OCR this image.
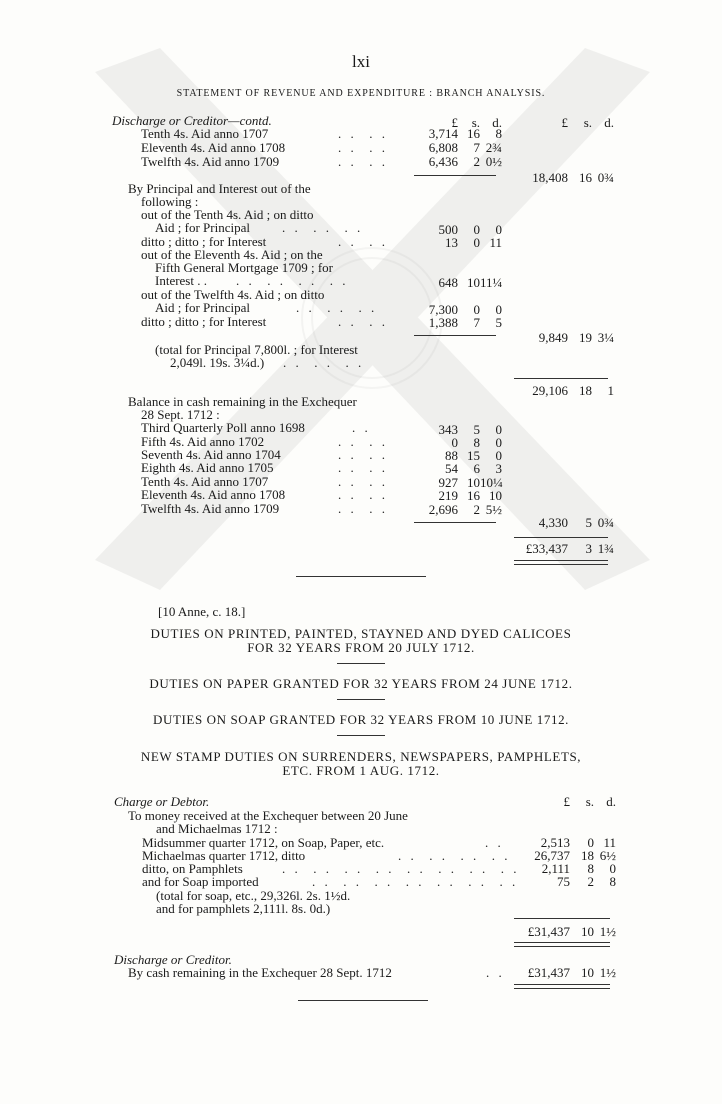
lxi
STATEMENT OF REVENUE AND EXPENDITURE : BRANCH ANALYSIS.
Discharge or Creditor—contd.	£ s. d.	£ s. d.
Tenth 4s. Aid anno 1707	. .  . .	3,714 16 8
Eleventh 4s. Aid anno 1708	. .  . .	6,808 7 2¾
Twelfth 4s. Aid anno 1709	. .  . .	6,436 2 0½
18,408 16 0¾
By Principal and Interest out of the
following :
out of the Tenth 4s. Aid ; on ditto
Aid ; for Principal . .  . .  . .	500 0 0
ditto ; ditto ; for Interest	. .  . .	13 0 11
out of the Eleventh 4s. Aid ; on the
Fifth General Mortgage 1709 ; for
Interest . . . .  . .  . .  . .	648 1011¼
out of the Twelfth 4s. Aid ; on ditto
Aid ; for Principal	. .  . .  . .	7,300 0 0
ditto ; ditto ; for Interest	. .  . .	1,388 7 5
9,849 19 3¼
(total for Principal 7,800l. ; for Interest
2,049l. 19s. 3¼d.) . .  . .  . .
29,106 18 1
Balance in cash remaining in the Exchequer
28 Sept. 1712 :
Third Quarterly Poll anno 1698	. .	343 5 0
Fifth 4s. Aid anno 1702	. .  . .	0 8 0
Seventh 4s. Aid anno 1704	. .  . .	88 15 0
Eighth 4s. Aid anno 1705	. .  . .	54 6 3
Tenth 4s. Aid anno 1707	. .  . .	927 1010¼
Eleventh 4s. Aid anno 1708	. .  . .	219 16 10
Twelfth 4s. Aid anno 1709	. .  . .	2,696 2 5½
4,330 5 0¾
£33,437 3 1¾
[10 Anne, c. 18.]
DUTIES ON PRINTED, PAINTED, STAYNED AND DYED CALICOES
FOR 32 YEARS FROM 20 JULY 1712.
DUTIES ON PAPER GRANTED FOR 32 YEARS FROM 24 JUNE 1712.
DUTIES ON SOAP GRANTED FOR 32 YEARS FROM 10 JUNE 1712.
NEW STAMP DUTIES ON SURRENDERS, NEWSPAPERS, PAMPHLETS,
ETC. FROM 1 AUG. 1712.
Charge or Debtor.	£ s. d.
To money received at the Exchequer between 20 June
and Michaelmas 1712 :
Midsummer quarter 1712, on Soap, Paper, etc.	. .	2,513 0 11
Michaelmas quarter 1712, ditto	. .  . .  . .  . .	26,737 18 6½
ditto, on Pamphlets	. .  . .  . .  . .  . .  . .  . .  . .	2,111 8 0
and for Soap imported	. .  . .  . .  . .  . .  . .  . .	75 2 8
(total for soap, etc., 29,326l. 2s. 1½d.
and for pamphlets 2,111l. 8s. 0d.)
£31,437 10 1½
Discharge or Creditor.
By cash remaining in the Exchequer 28 Sept. 1712	. .	£31,437 10 1½
